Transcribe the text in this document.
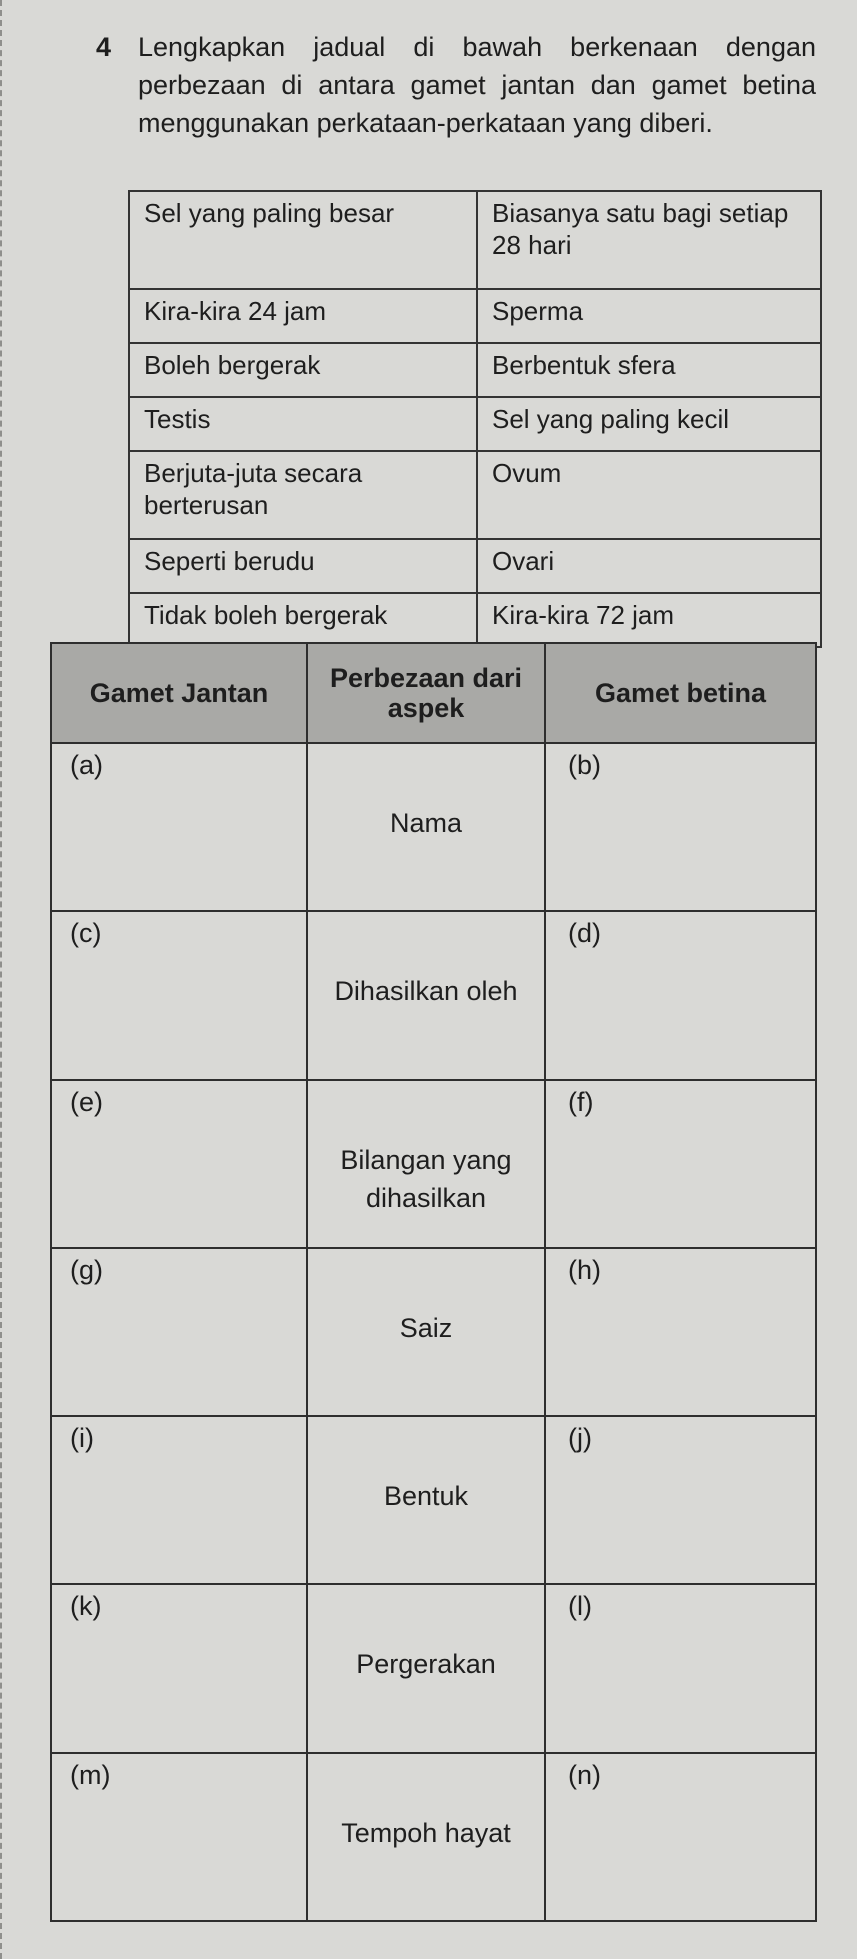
4 Lengkapkan jadual di bawah berkenaan dengan perbezaan di antara gamet jantan dan gamet betina menggunakan perkataan-perkataan yang diberi.
Sel yang paling besar	Biasanya satu bagi setiap 28 hari
Kira-kira 24 jam	Sperma
Boleh bergerak	Berbentuk sfera
Testis	Sel yang paling kecil
Berjuta-juta secara berterusan	Ovum
Seperti berudu	Ovari
Tidak boleh bergerak	Kira-kira 72 jam
Gamet Jantan	Perbezaan dari aspek	Gamet betina

(a)	Nama	(b)

(c)	Dihasilkan oleh	(d)

(e)	Bilangan yang dihasilkan	(f)

(g)	Saiz	(h)

(i)	Bentuk	(j)

(k)	Pergerakan	(l)

(m)	Tempoh hayat	(n)
